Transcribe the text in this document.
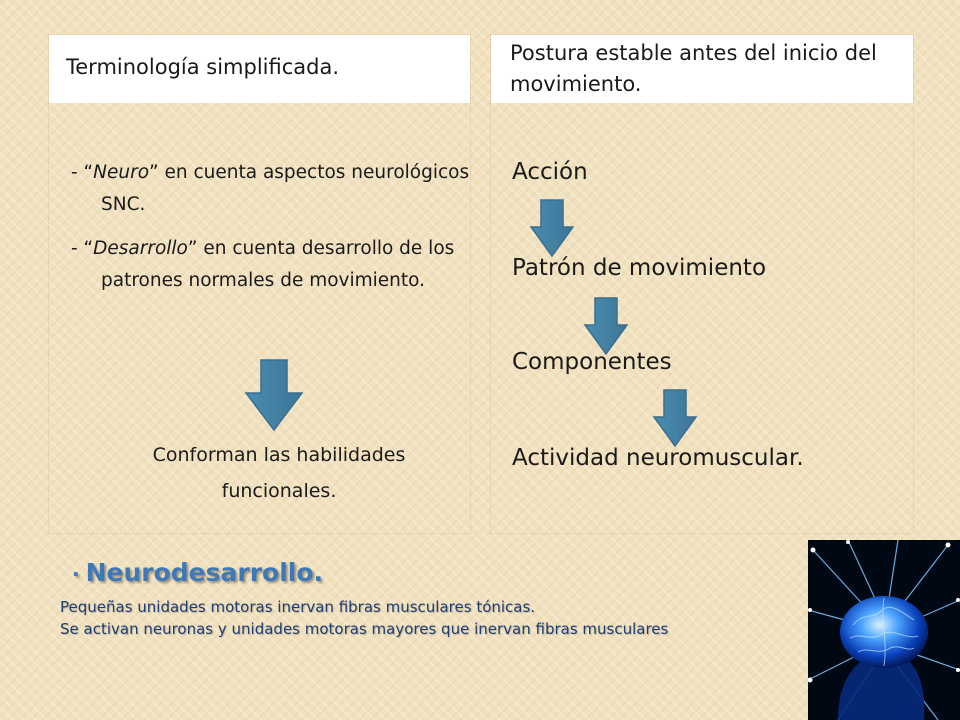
Terminología simplificada.
- “Neuro” en cuenta aspectos neurológicos SNC.
- “Desarrollo” en cuenta desarrollo de los patrones normales de movimiento.
Conforman las habilidades funcionales.
Postura estable antes del inicio del movimiento.
Acción
Patrón de movimiento
Componentes
Actividad neuromuscular.
· Neurodesarrollo.
Pequeñas unidades motoras inervan fibras musculares tónicas.
Se activan neuronas y unidades motoras mayores que inervan fibras musculares
